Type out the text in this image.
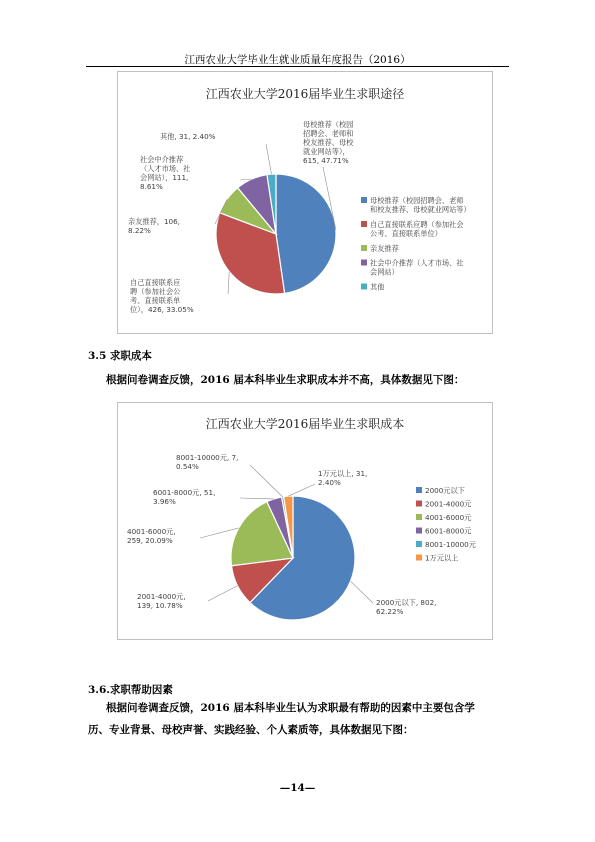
江西农业大学毕业生就业质量年度报告（2016）
江西农业大学2016届毕业生求职途径
母校推荐（校园招聘会、老师和校友推荐、母校就业网站等）， 615, 47.71%
自己直接联系应聘（参加社会公考、直接联系单位），426, 33.05%
亲友推荐，106, 8.22%
社会中介推荐（人才市场、社会网站），111, 8.61%
其他, 31, 2.40%
母校推荐（校园招聘会、老师和校友推荐、母校就业网站等）
自己直接联系应聘（参加社会公考、直接联系单位）
亲友推荐
社会中介推荐（人才市场、社会网站）
其他
3.5 求职成本
根据问卷调查反馈，2016 届本科毕业生求职成本并不高，具体数据见下图：
江西农业大学2016届毕业生求职成本
2000元以下, 802, 62.22%
2001-4000元, 139, 10.78%
4001-6000元, 259, 20.09%
6001-8000元, 51, 3.96%
8001-10000元, 7, 0.54%
1万元以上, 31, 2.40%
2000元以下
2001-4000元
4001-6000元
6001-8000元
8001-10000元
1万元以上
3.6.求职帮助因素
根据问卷调查反馈，2016 届本科毕业生认为求职最有帮助的因素中主要包含学
历、专业背景、母校声誉、实践经验、个人素质等，具体数据见下图：
—14—
